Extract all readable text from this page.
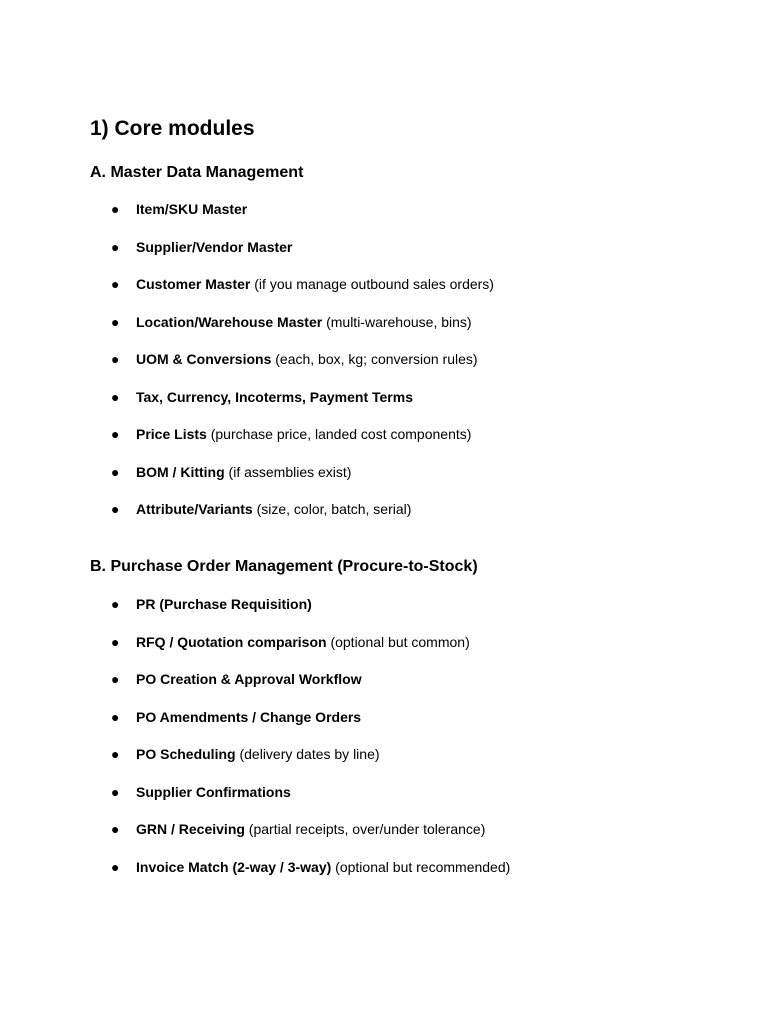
1) Core modules
A. Master Data Management
●	Item/SKU Master
●	Supplier/Vendor Master
●	Customer Master (if you manage outbound sales orders)
●	Location/Warehouse Master (multi-warehouse, bins)
●	UOM & Conversions (each, box, kg; conversion rules)
●	Tax, Currency, Incoterms, Payment Terms
●	Price Lists (purchase price, landed cost components)
●	BOM / Kitting (if assemblies exist)
●	Attribute/Variants (size, color, batch, serial)
B. Purchase Order Management (Procure-to-Stock)
●	PR (Purchase Requisition)
●	RFQ / Quotation comparison (optional but common)
●	PO Creation & Approval Workflow
●	PO Amendments / Change Orders
●	PO Scheduling (delivery dates by line)
●	Supplier Confirmations
●	GRN / Receiving (partial receipts, over/under tolerance)
●	Invoice Match (2-way / 3-way) (optional but recommended)
